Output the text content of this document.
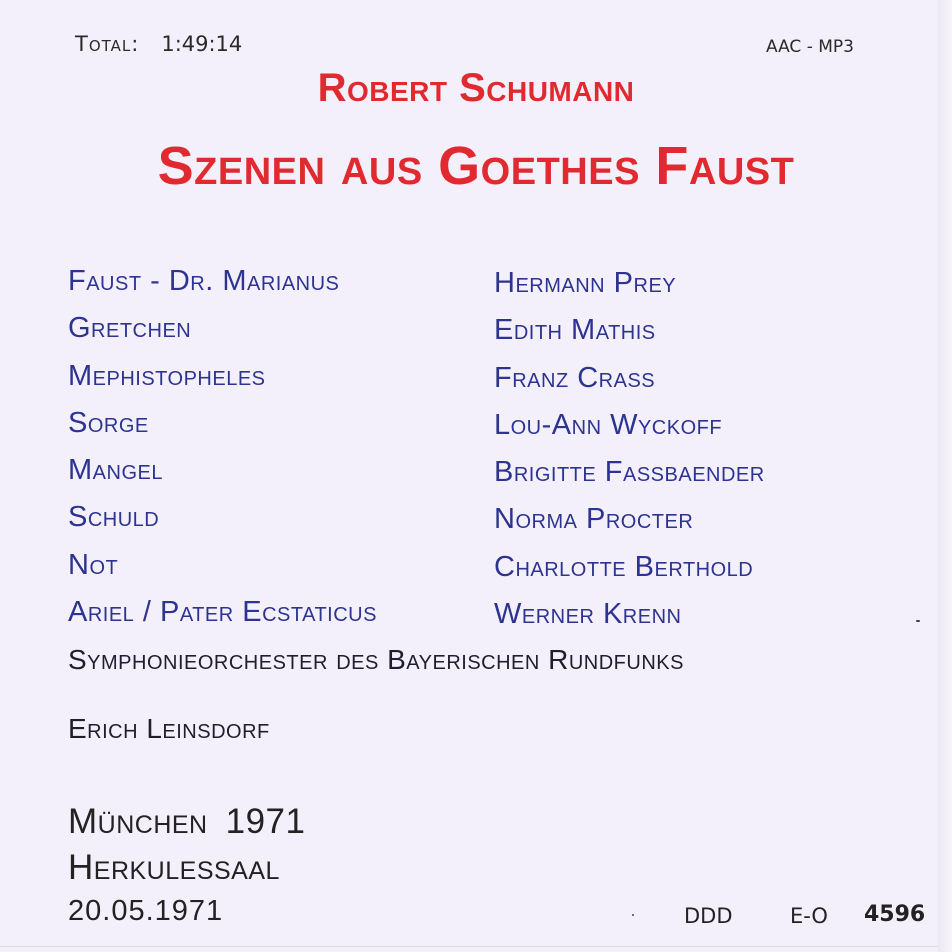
Total: 1:49:14	AAC - MP3
Robert Schumann
Szenen aus Goethes Faust
Faust - Dr. Marianus	Hermann Prey
Gretchen	Edith Mathis
Mephistopheles	Franz Crass
Sorge	Lou-Ann Wyckoff
Mangel	Brigitte Fassbaender
Schuld	Norma Procter
Not	Charlotte Berthold
Ariel / Pater Ecstaticus	Werner Krenn
Symphonieorchester des Bayerischen Rundfunks
Erich Leinsdorf
München 1971
Herkulessaal
20.05.1971	DDD	E-O 4596
